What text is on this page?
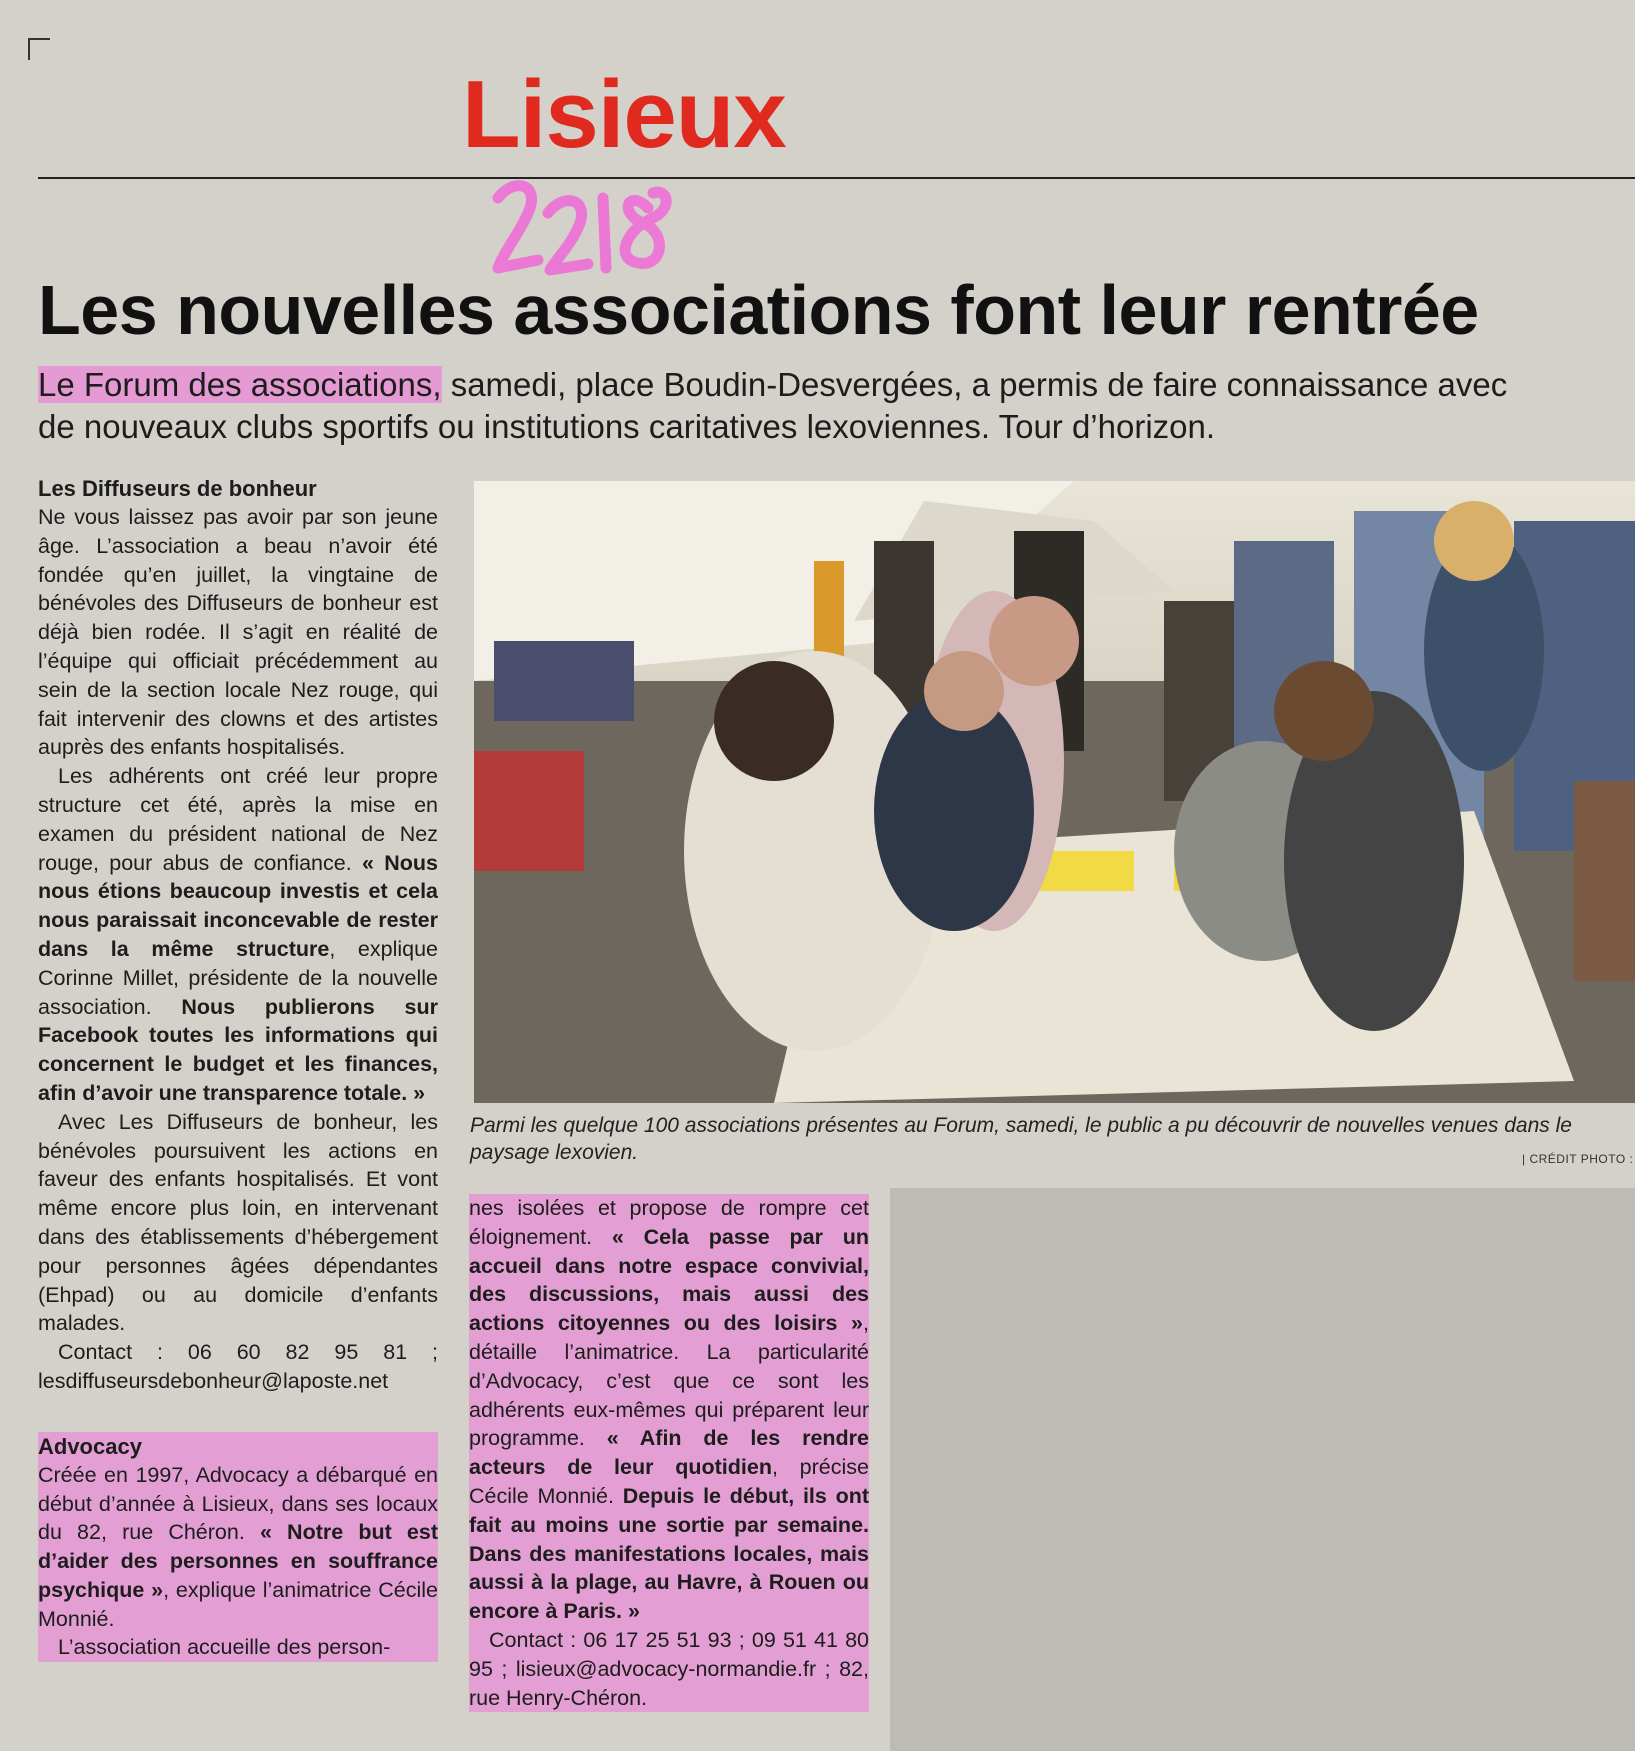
Lisieux
Les nouvelles associations font leur rentrée

Le Forum des associations, samedi, place Boudin-Desvergées, a permis de faire connaissance avec de nouveaux clubs sportifs ou institutions caritatives lexoviennes. Tour d’horizon.

Les Diffuseurs de bonheur

Ne vous laissez pas avoir par son jeune âge. L’association a beau n’avoir été fondée qu’en juillet, la vingtaine de bénévoles des Diffuseurs de bonheur est déjà bien rodée. Il s’agit en réalité de l’équipe qui officiait précédemment au sein de la section locale Nez rouge, qui fait intervenir des clowns et des artistes auprès des enfants hospitalisés.

Les adhérents ont créé leur propre structure cet été, après la mise en examen du président national de Nez rouge, pour abus de confiance. « Nous nous étions beaucoup investis et cela nous paraissait inconcevable de rester dans la même structure, explique Corinne Millet, présidente de la nouvelle association. Nous publierons sur Facebook toutes les informations qui concernent le budget et les finances, afin d’avoir une transparence totale. »

Avec Les Diffuseurs de bonheur, les bénévoles poursuivent les actions en faveur des enfants hospitalisés. Et vont même encore plus loin, en intervenant dans des établissements d’hébergement pour personnes âgées dépendantes (Ehpad) ou au domicile d’enfants malades.

Contact : 06 60 82 95 81 ; lesdiffuseursdebonheur@laposte.net

Advocacy

Créée en 1997, Advocacy a débarqué en début d’année à Lisieux, dans ses locaux du 82, rue Chéron. « Notre but est d’aider des personnes en souffrance psychique », explique l’animatrice Cécile Monnié.

L’association accueille des person-

Parmi les quelque 100 associations présentes au Forum, samedi, le public a pu découvrir de nouvelles venues dans le paysage lexovien.	| CRÉDIT PHOTO :

nes isolées et propose de rompre cet éloignement. « Cela passe par un accueil dans notre espace convivial, des discussions, mais aussi des actions citoyennes ou des loisirs », détaille l’animatrice. La particularité d’Advocacy, c’est que ce sont les adhérents eux-mêmes qui préparent leur programme. « Afin de les rendre acteurs de leur quotidien, précise Cécile Monnié. Depuis le début, ils ont fait au moins une sortie par semaine. Dans des manifestations locales, mais aussi à la plage, au Havre, à Rouen ou encore à Paris. »

Contact : 06 17 25 51 93 ; 09 51 41 80 95 ; lisieux@advocacy-normandie.fr ; 82, rue Henry-Chéron.
